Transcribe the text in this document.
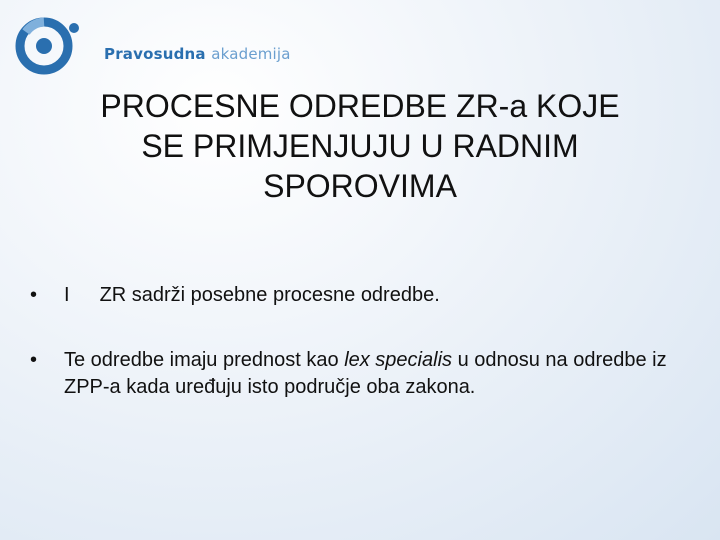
Pravosudna akademija
PROCESNE ODREDBE ZR-a KOJE
SE PRIMJENJUJU U RADNIM
SPOROVIMA
• I ZR sadrži posebne procesne odredbe.
• Te odredbe imaju prednost kao lex specialis u odnosu na odredbe iz ZPP-a kada uređuju isto područje oba zakona.
